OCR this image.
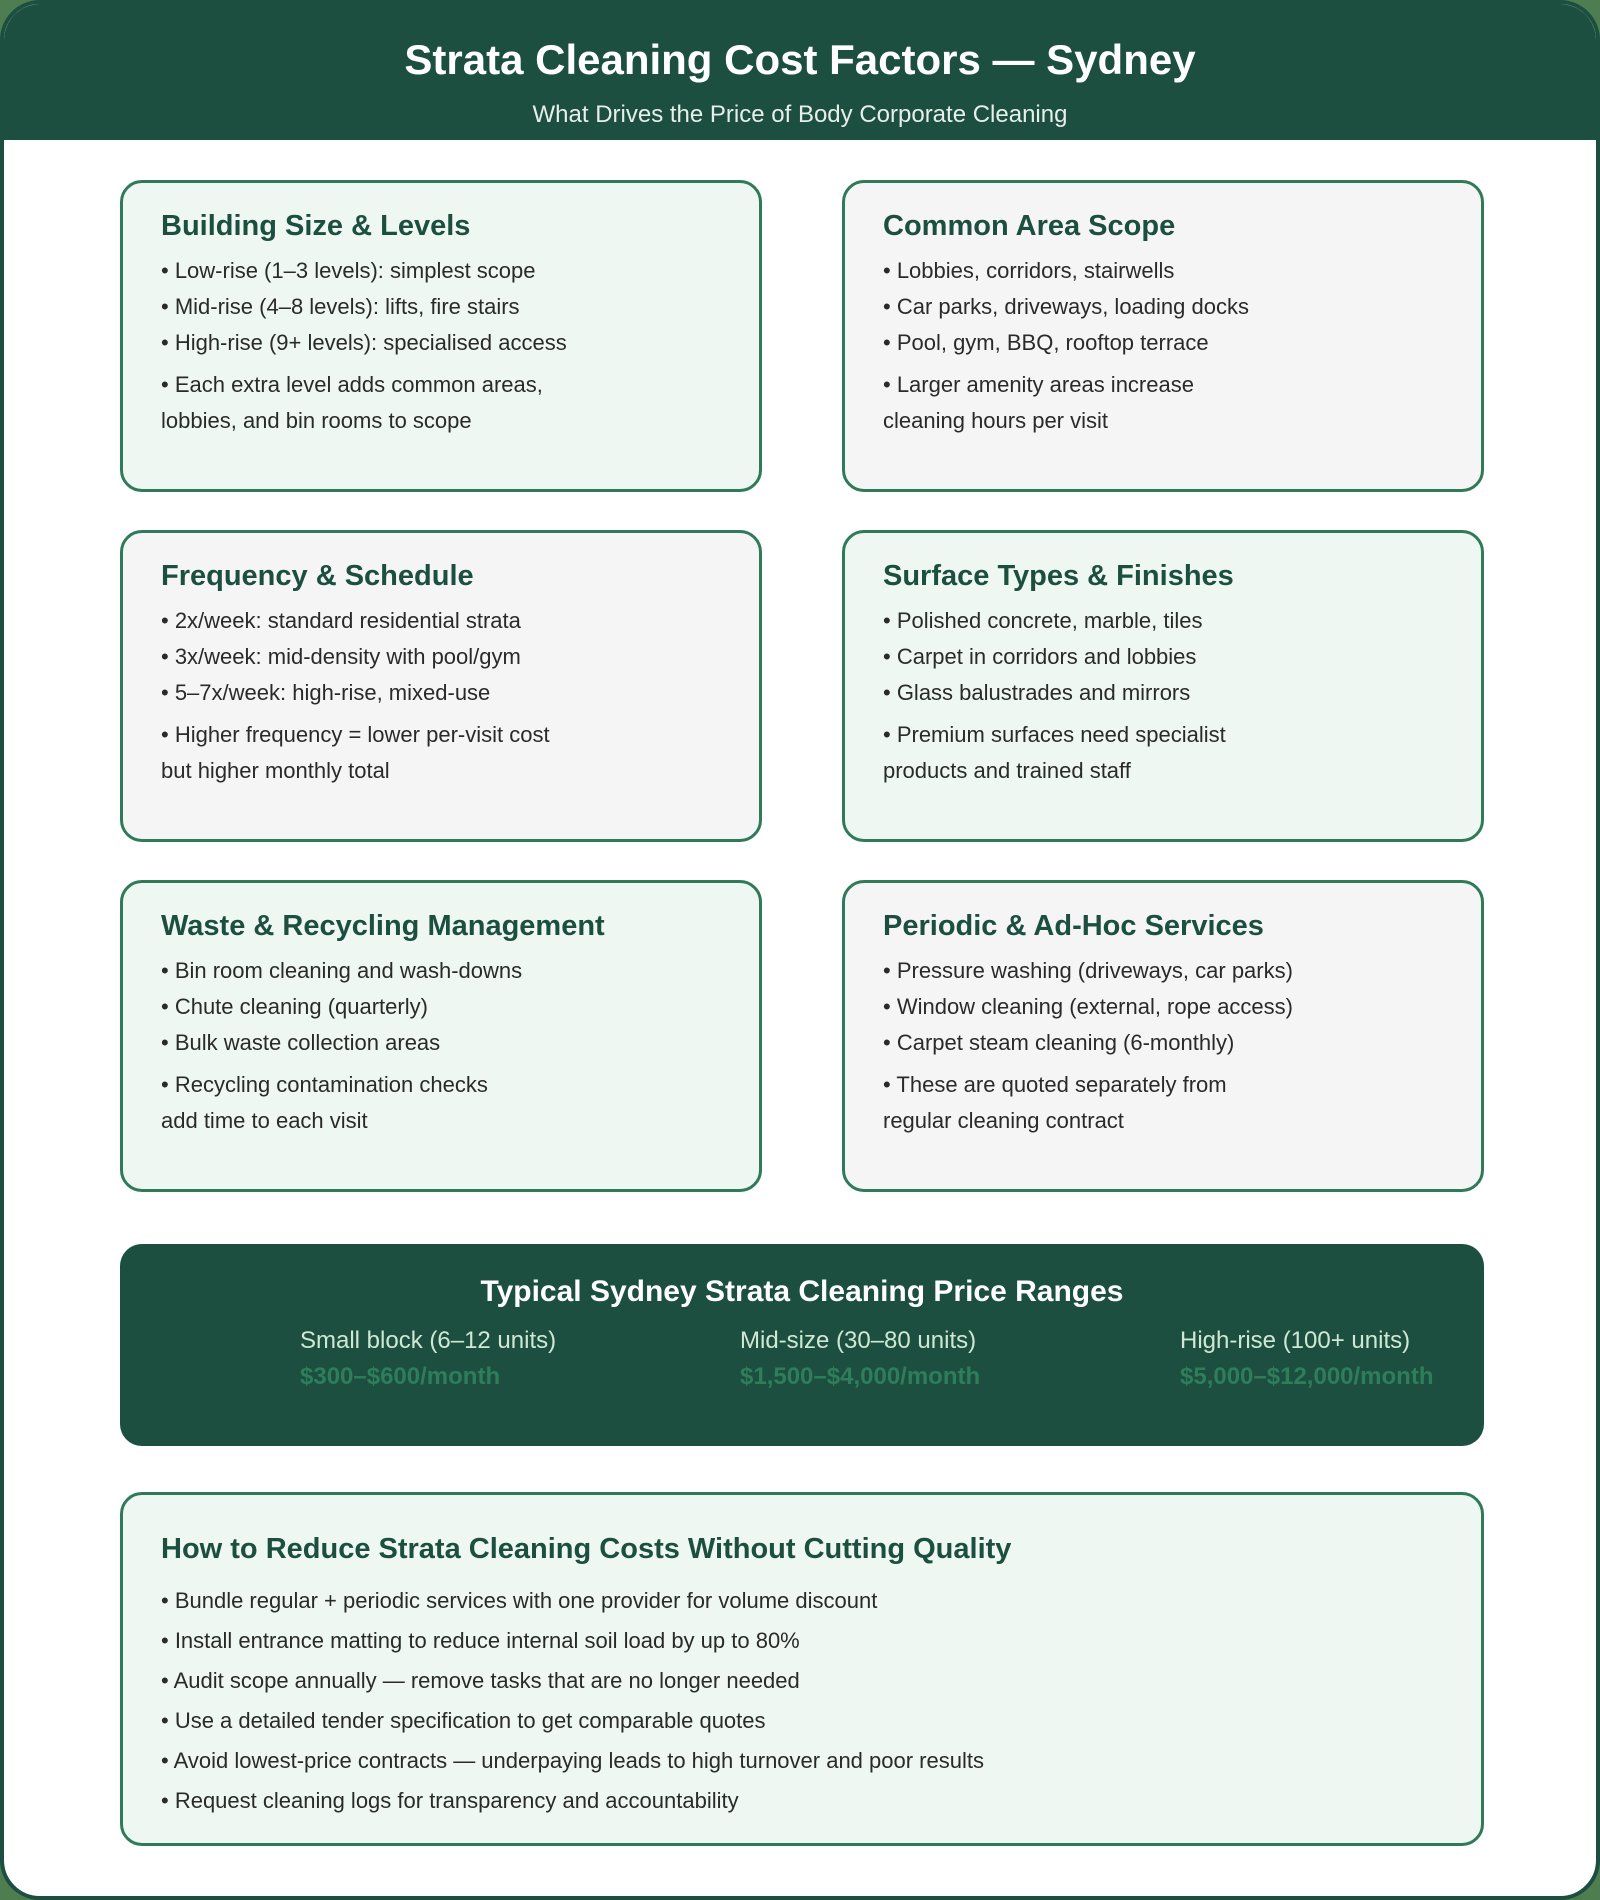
Strata Cleaning Cost Factors — Sydney
What Drives the Price of Body Corporate Cleaning
Building Size & Levels
• Low-rise (1–3 levels): simplest scope
• Mid-rise (4–8 levels): lifts, fire stairs
• High-rise (9+ levels): specialised access
• Each extra level adds common areas,
lobbies, and bin rooms to scope
Common Area Scope
• Lobbies, corridors, stairwells
• Car parks, driveways, loading docks
• Pool, gym, BBQ, rooftop terrace
• Larger amenity areas increase
cleaning hours per visit
Frequency & Schedule
• 2x/week: standard residential strata
• 3x/week: mid-density with pool/gym
• 5–7x/week: high-rise, mixed-use
• Higher frequency = lower per-visit cost
but higher monthly total
Surface Types & Finishes
• Polished concrete, marble, tiles
• Carpet in corridors and lobbies
• Glass balustrades and mirrors
• Premium surfaces need specialist
products and trained staff
Waste & Recycling Management
• Bin room cleaning and wash-downs
• Chute cleaning (quarterly)
• Bulk waste collection areas
• Recycling contamination checks
add time to each visit
Periodic & Ad-Hoc Services
• Pressure washing (driveways, car parks)
• Window cleaning (external, rope access)
• Carpet steam cleaning (6-monthly)
• These are quoted separately from
regular cleaning contract
Typical Sydney Strata Cleaning Price Ranges
Small block (6–12 units)
$300–$600/month
Mid-size (30–80 units)
$1,500–$4,000/month
High-rise (100+ units)
$5,000–$12,000/month
How to Reduce Strata Cleaning Costs Without Cutting Quality
• Bundle regular + periodic services with one provider for volume discount
• Install entrance matting to reduce internal soil load by up to 80%
• Audit scope annually — remove tasks that are no longer needed
• Use a detailed tender specification to get comparable quotes
• Avoid lowest-price contracts — underpaying leads to high turnover and poor results
• Request cleaning logs for transparency and accountability
